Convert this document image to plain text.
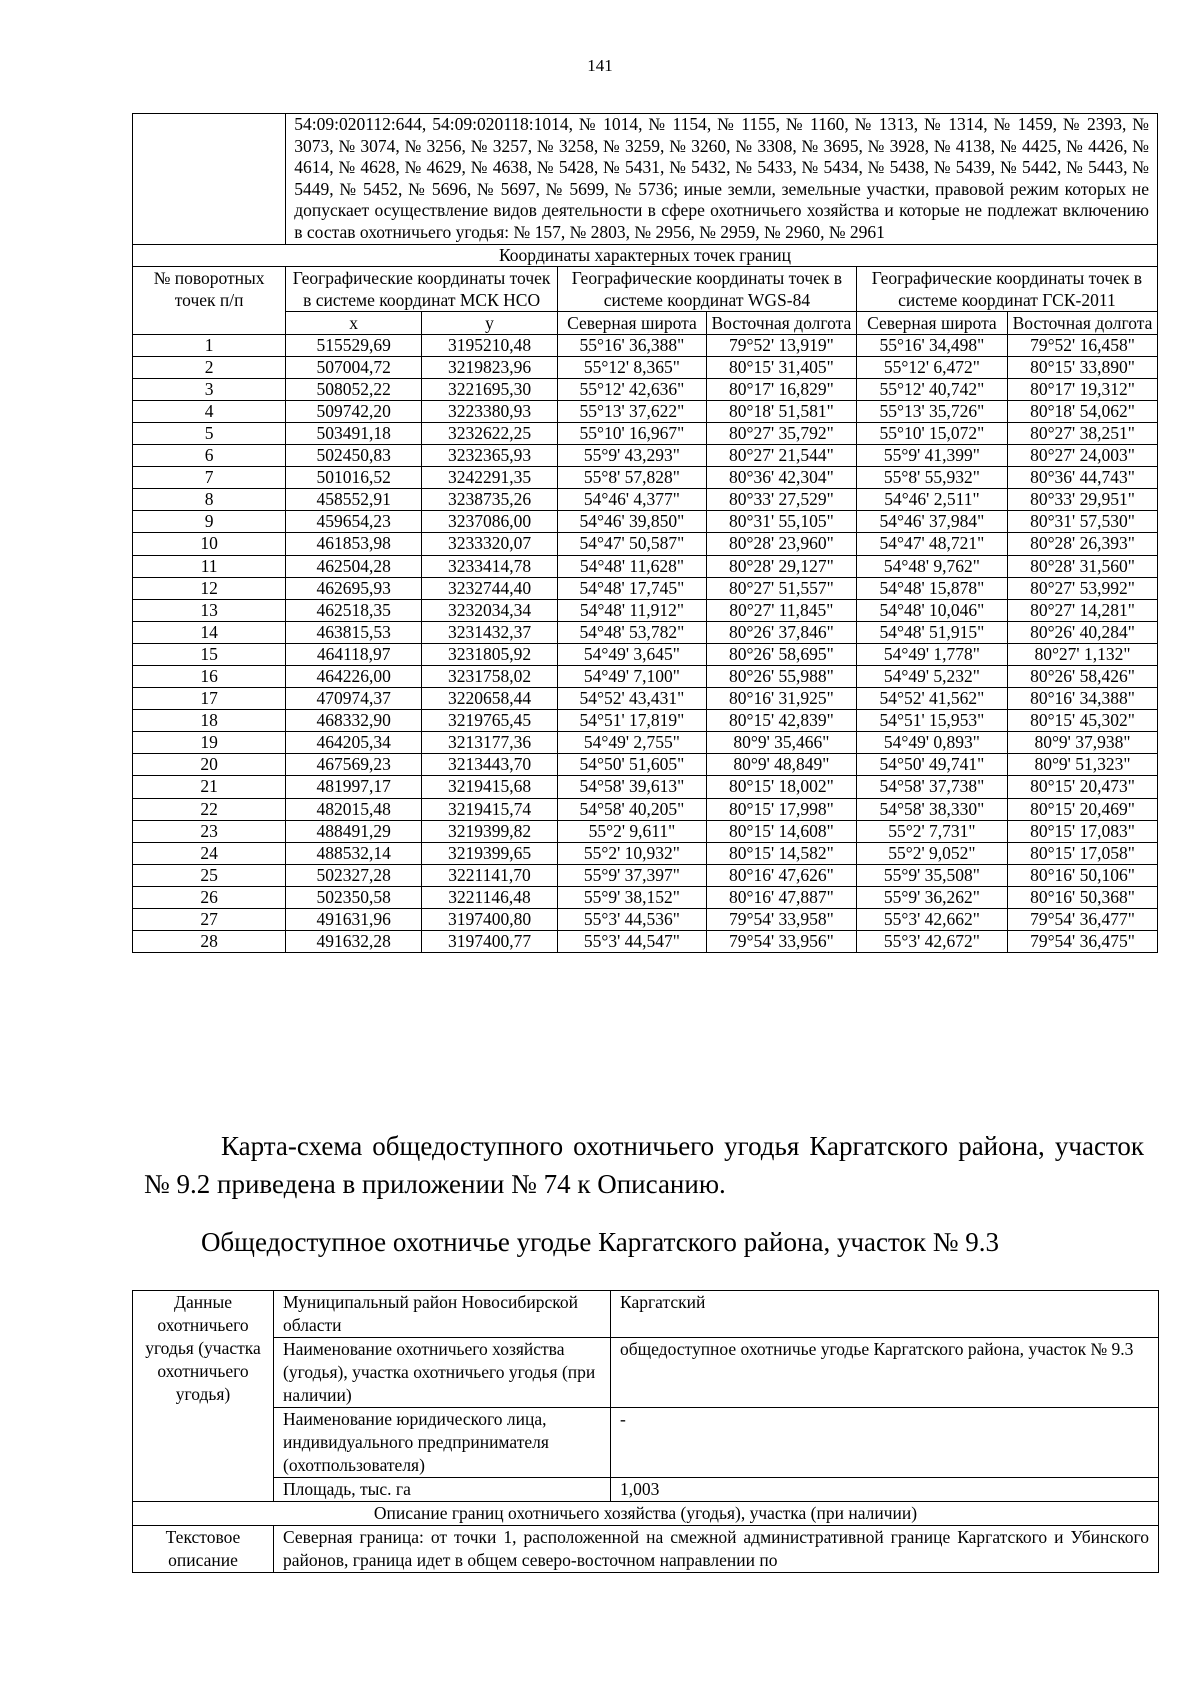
141
	54:09:020112:644, 54:09:020118:1014, № 1014, № 1154, № 1155, № 1160, № 1313, № 1314, № 1459, № 2393, № 3073, № 3074, № 3256, № 3257, № 3258, № 3259, № 3260, № 3308, № 3695, № 3928, № 4138, № 4425, № 4426, № 4614, № 4628, № 4629, № 4638, № 5428, № 5431, № 5432, № 5433, № 5434, № 5438, № 5439, № 5442, № 5443, № 5449, № 5452, № 5696, № 5697, № 5699, № 5736; иные земли, земельные участки, правовой режим которых не допускает осуществление видов деятельности в сфере охотничьего хозяйства и которые не подлежат включению в состав охотничьего угодья: № 157, № 2803, № 2956, № 2959, № 2960, № 2961					
Координаты характерных точек границ						
№ поворотных точек п/п	Географические координаты точек в системе координат МСК НСО		Географические координаты точек в системе координат WGS-84		Географические координаты точек в системе координат ГСК-2011	
	x	y	Северная широта	Восточная долгота	Северная широта	Восточная долгота
1	515529,69	3195210,48	55°16' 36,388"	79°52' 13,919"	55°16' 34,498"	79°52' 16,458"
2	507004,72	3219823,96	55°12' 8,365"	80°15' 31,405"	55°12' 6,472"	80°15' 33,890"
3	508052,22	3221695,30	55°12' 42,636"	80°17' 16,829"	55°12' 40,742"	80°17' 19,312"
4	509742,20	3223380,93	55°13' 37,622"	80°18' 51,581"	55°13' 35,726"	80°18' 54,062"
5	503491,18	3232622,25	55°10' 16,967"	80°27' 35,792"	55°10' 15,072"	80°27' 38,251"
6	502450,83	3232365,93	55°9' 43,293"	80°27' 21,544"	55°9' 41,399"	80°27' 24,003"
7	501016,52	3242291,35	55°8' 57,828"	80°36' 42,304"	55°8' 55,932"	80°36' 44,743"
8	458552,91	3238735,26	54°46' 4,377"	80°33' 27,529"	54°46' 2,511"	80°33' 29,951"
9	459654,23	3237086,00	54°46' 39,850"	80°31' 55,105"	54°46' 37,984"	80°31' 57,530"
10	461853,98	3233320,07	54°47' 50,587"	80°28' 23,960"	54°47' 48,721"	80°28' 26,393"
11	462504,28	3233414,78	54°48' 11,628"	80°28' 29,127"	54°48' 9,762"	80°28' 31,560"
12	462695,93	3232744,40	54°48' 17,745"	80°27' 51,557"	54°48' 15,878"	80°27' 53,992"
13	462518,35	3232034,34	54°48' 11,912"	80°27' 11,845"	54°48' 10,046"	80°27' 14,281"
14	463815,53	3231432,37	54°48' 53,782"	80°26' 37,846"	54°48' 51,915"	80°26' 40,284"
15	464118,97	3231805,92	54°49' 3,645"	80°26' 58,695"	54°49' 1,778"	80°27' 1,132"
16	464226,00	3231758,02	54°49' 7,100"	80°26' 55,988"	54°49' 5,232"	80°26' 58,426"
17	470974,37	3220658,44	54°52' 43,431"	80°16' 31,925"	54°52' 41,562"	80°16' 34,388"
18	468332,90	3219765,45	54°51' 17,819"	80°15' 42,839"	54°51' 15,953"	80°15' 45,302"
19	464205,34	3213177,36	54°49' 2,755"	80°9' 35,466"	54°49' 0,893"	80°9' 37,938"
20	467569,23	3213443,70	54°50' 51,605"	80°9' 48,849"	54°50' 49,741"	80°9' 51,323"
21	481997,17	3219415,68	54°58' 39,613"	80°15' 18,002"	54°58' 37,738"	80°15' 20,473"
22	482015,48	3219415,74	54°58' 40,205"	80°15' 17,998"	54°58' 38,330"	80°15' 20,469"
23	488491,29	3219399,82	55°2' 9,611"	80°15' 14,608"	55°2' 7,731"	80°15' 17,083"
24	488532,14	3219399,65	55°2' 10,932"	80°15' 14,582"	55°2' 9,052"	80°15' 17,058"
25	502327,28	3221141,70	55°9' 37,397"	80°16' 47,626"	55°9' 35,508"	80°16' 50,106"
26	502350,58	3221146,48	55°9' 38,152"	80°16' 47,887"	55°9' 36,262"	80°16' 50,368"
27	491631,96	3197400,80	55°3' 44,536"	79°54' 33,958"	55°3' 42,662"	79°54' 36,477"
28	491632,28	3197400,77	55°3' 44,547"	79°54' 33,956"	55°3' 42,672"	79°54' 36,475"
Карта-схема общедоступного охотничьего угодья Каргатского района, участок № 9.2 приведена в приложении № 74 к Описанию.
Общедоступное охотничье угодье Каргатского района, участок № 9.3
Данные охотничьего угодья (участка охотничьего угодья)	Муниципальный район Новосибирской области	Каргатский
	Наименование охотничьего хозяйства (угодья), участка охотничьего угодья (при наличии)	общедоступное охотничье угодье Каргатского района, участок № 9.3
	Наименование юридического лица, индивидуального предпринимателя (охотпользователя)	-
	Площадь, тыс. га	1,003
Описание границ охотничьего хозяйства (угодья), участка (при наличии)		
Текстовое описание	Северная граница: от точки 1, расположенной на смежной административной границе Каргатского и Убинского районов, граница идет в общем северо-восточном направлении по	
